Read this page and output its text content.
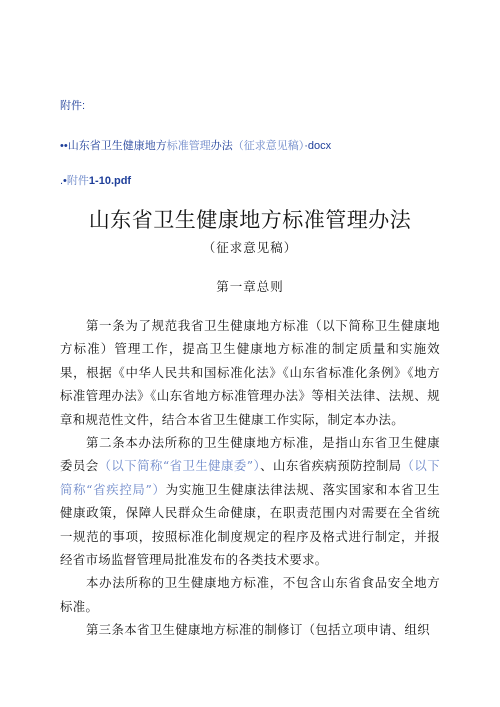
附件:
••山东省卫生健康地方标准管理办法（征求意见稿）·docx
.•附件1-10.pdf
山东省卫生健康地方标准管理办法
（征求意见稿）
第一章总则

第一条为了规范我省卫生健康地方标准（以下简称卫生健康地方标准）管理工作，提高卫生健康地方标准的制定质量和实施效果，根据《中华人民共和国标准化法》《山东省标准化条例》《地方标准管理办法》《山东省地方标准管理办法》等相关法律、法规、规章和规范性文件，结合本省卫生健康工作实际，制定本办法。

第二条本办法所称的卫生健康地方标准，是指山东省卫生健康委员会（以下简称“省卫生健康委”）、山东省疾病预防控制局（以下简称“省疾控局”）为实施卫生健康法律法规、落实国家和本省卫生健康政策，保障人民群众生命健康，在职责范围内对需要在全省统一规范的事项，按照标准化制度规定的程序及格式进行制定，并报经省市场监督管理局批准发布的各类技术要求。

本办法所称的卫生健康地方标准，不包含山东省食品安全地方标准。

第三条本省卫生健康地方标准的制修订（包括立项申请、组织
